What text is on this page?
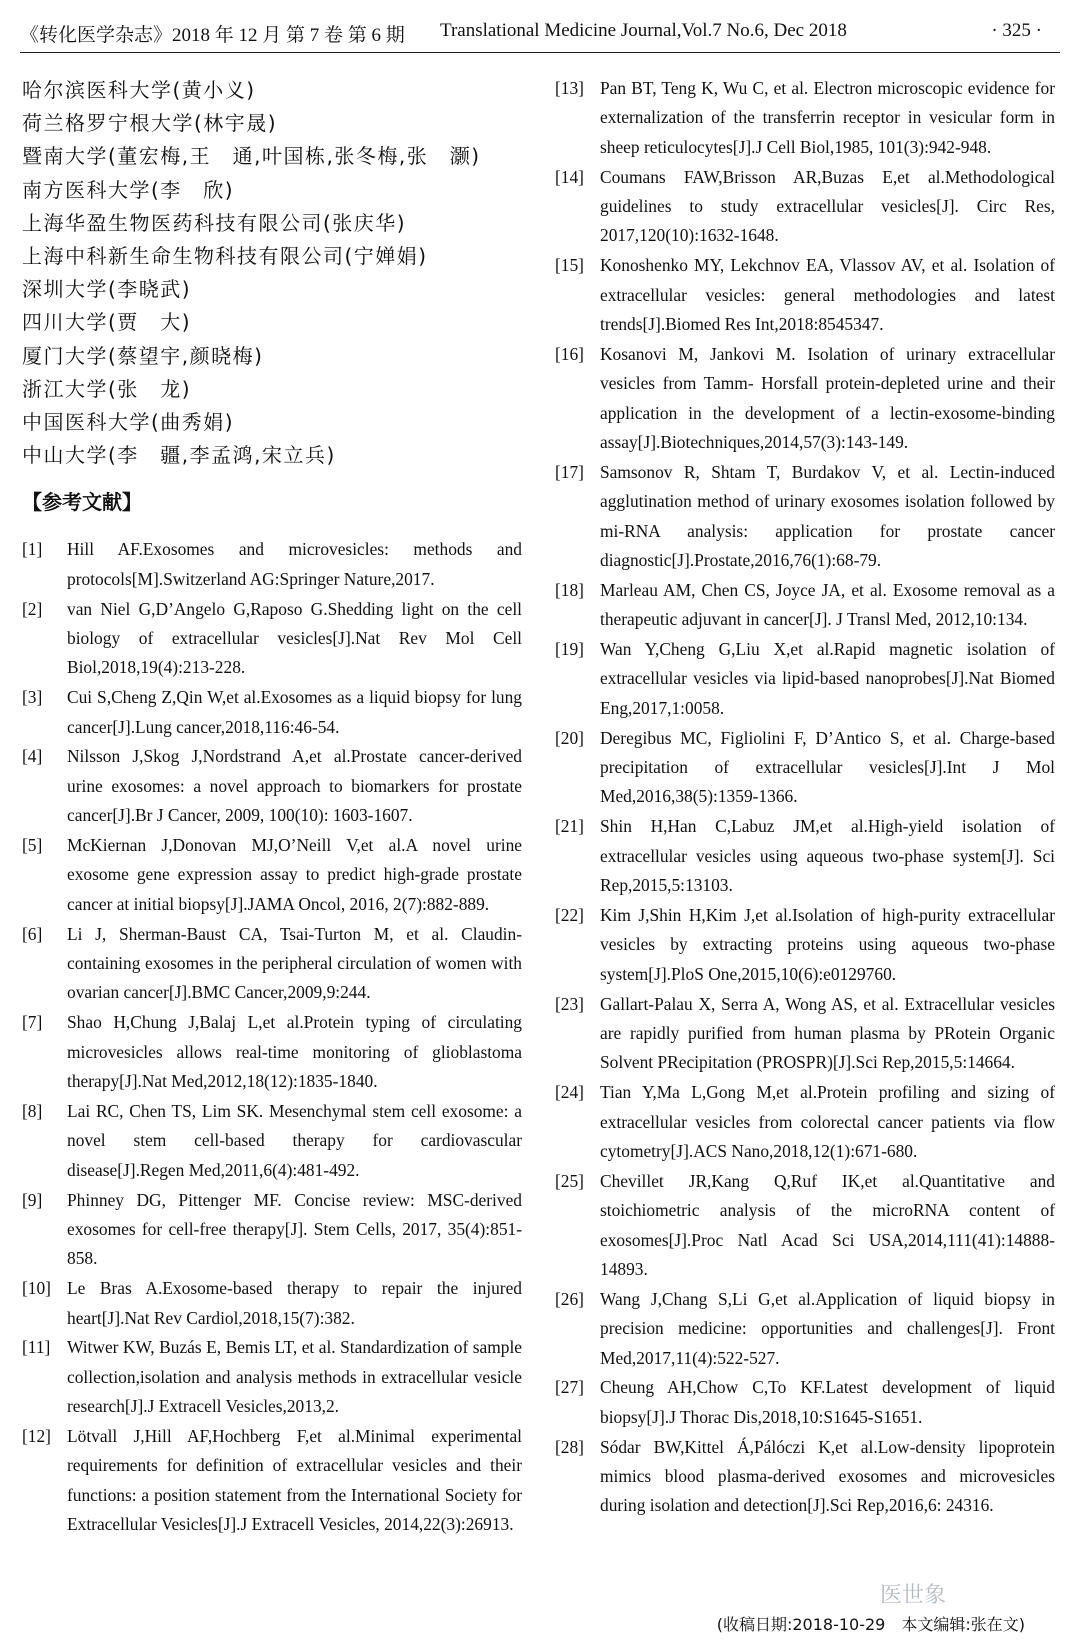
《转化医学杂志》2018 年 12 月 第 7 卷 第 6 期 Translational Medicine Journal,Vol.7 No.6, Dec 2018	· 325 ·
哈尔滨医科大学(黄小义)
荷兰格罗宁根大学(林宇晟)
暨南大学(董宏梅,王　通,叶国栋,张冬梅,张　灏)
南方医科大学(李　欣)
上海华盈生物医药科技有限公司(张庆华)
上海中科新生命生物科技有限公司(宁婵娟)
深圳大学(李晓武)
四川大学(贾　大)
厦门大学(蔡望宇,颜晓梅)
浙江大学(张　龙)
中国医科大学(曲秀娟)
中山大学(李　疆,李孟鸿,宋立兵)
【参考文献】
[1]	Hill AF.Exosomes and microvesicles: methods and protocols[M].Switzerland AG:Springer Nature,2017.
[2]	van Niel G,D’Angelo G,Raposo G.Shedding light on the cell biology of extracellular vesicles[J].Nat Rev Mol Cell Biol,2018,19(4):213-228.
[3]	Cui S,Cheng Z,Qin W,et al.Exosomes as a liquid biopsy for lung cancer[J].Lung cancer,2018,116:46-54.
[4]	Nilsson J,Skog J,Nordstrand A,et al.Prostate cancer-derived urine exosomes: a novel approach to biomarkers for prostate cancer[J].Br J Cancer, 2009, 100(10): 1603-1607.
[5]	McKiernan J,Donovan MJ,O’Neill V,et al.A novel urine exosome gene expression assay to predict high-grade prostate cancer at initial biopsy[J].JAMA Oncol, 2016, 2(7):882-889.
[6]	Li J, Sherman-Baust CA, Tsai-Turton M, et al. Claudin-containing exosomes in the peripheral circulation of women with ovarian cancer[J].BMC Cancer,2009,9:244.
[7]	Shao H,Chung J,Balaj L,et al.Protein typing of circulating microvesicles allows real-time monitoring of glioblastoma therapy[J].Nat Med,2012,18(12):1835-1840.
[8]	Lai RC, Chen TS, Lim SK. Mesenchymal stem cell exosome: a novel stem cell-based therapy for cardiovascular disease[J].Regen Med,2011,6(4):481-492.
[9]	Phinney DG, Pittenger MF. Concise review: MSC-derived exosomes for cell-free therapy[J]. Stem Cells, 2017, 35(4):851-858.
[10] Le Bras A.Exosome-based therapy to repair the injured heart[J].Nat Rev Cardiol,2018,15(7):382.
[11] Witwer KW, Buzás E, Bemis LT, et al. Standardization of sample collection,isolation and analysis methods in extracellular vesicle research[J].J Extracell Vesicles,2013,2.
[12] Lötvall J,Hill AF,Hochberg F,et al.Minimal experimental requirements for definition of extracellular vesicles and their functions: a position statement from the International Society for Extracellular Vesicles[J].J Extracell Vesicles, 2014,22(3):26913.
[13] Pan BT, Teng K, Wu C, et al. Electron microscopic evidence for externalization of the transferrin receptor in vesicular form in sheep reticulocytes[J].J Cell Biol,1985, 101(3):942-948.
[14] Coumans FAW,Brisson AR,Buzas E,et al.Methodological guidelines to study extracellular vesicles[J]. Circ Res, 2017,120(10):1632-1648.
[15] Konoshenko MY, Lekchnov EA, Vlassov AV, et al. Isolation of extracellular vesicles: general methodologies and latest trends[J].Biomed Res Int,2018:8545347.
[16] Kosanovi M, Jankovi M. Isolation of urinary extracellular vesicles from Tamm- Horsfall protein-depleted urine and their application in the development of a lectin-exosome-binding assay[J].Biotechniques,2014,57(3):143-149.
[17] Samsonov R, Shtam T, Burdakov V, et al. Lectin-induced agglutination method of urinary exosomes isolation followed by mi-RNA analysis: application for prostate cancer diagnostic[J].Prostate,2016,76(1):68-79.
[18] Marleau AM, Chen CS, Joyce JA, et al. Exosome removal as a therapeutic adjuvant in cancer[J]. J Transl Med, 2012,10:134.
[19] Wan Y,Cheng G,Liu X,et al.Rapid magnetic isolation of extracellular vesicles via lipid-based nanoprobes[J].Nat Biomed Eng,2017,1:0058.
[20] Deregibus MC, Figliolini F, D’Antico S, et al. Charge-based precipitation of extracellular vesicles[J].Int J Mol Med,2016,38(5):1359-1366.
[21] Shin H,Han C,Labuz JM,et al.High-yield isolation of extracellular vesicles using aqueous two-phase system[J]. Sci Rep,2015,5:13103.
[22] Kim J,Shin H,Kim J,et al.Isolation of high-purity extracellular vesicles by extracting proteins using aqueous two-phase system[J].PloS One,2015,10(6):e0129760.
[23] Gallart-Palau X, Serra A, Wong AS, et al. Extracellular vesicles are rapidly purified from human plasma by PRotein Organic Solvent PRecipitation (PROSPR)[J].Sci Rep,2015,5:14664.
[24] Tian Y,Ma L,Gong M,et al.Protein profiling and sizing of extracellular vesicles from colorectal cancer patients via flow cytometry[J].ACS Nano,2018,12(1):671-680.
[25] Chevillet JR,Kang Q,Ruf IK,et al.Quantitative and stoichiometric analysis of the microRNA content of exosomes[J].Proc Natl Acad Sci USA,2014,111(41):14888-14893.
[26] Wang J,Chang S,Li G,et al.Application of liquid biopsy in precision medicine: opportunities and challenges[J]. Front Med,2017,11(4):522-527.
[27] Cheung AH,Chow C,To KF.Latest development of liquid biopsy[J].J Thorac Dis,2018,10:S1645-S1651.
[28] Sódar BW,Kittel Á,Pálóczi K,et al.Low-density lipoprotein mimics blood plasma-derived exosomes and microvesicles during isolation and detection[J].Sci Rep,2016,6: 24316.
医世象
(收稿日期:2018-10-29　本文编辑:张在文)
